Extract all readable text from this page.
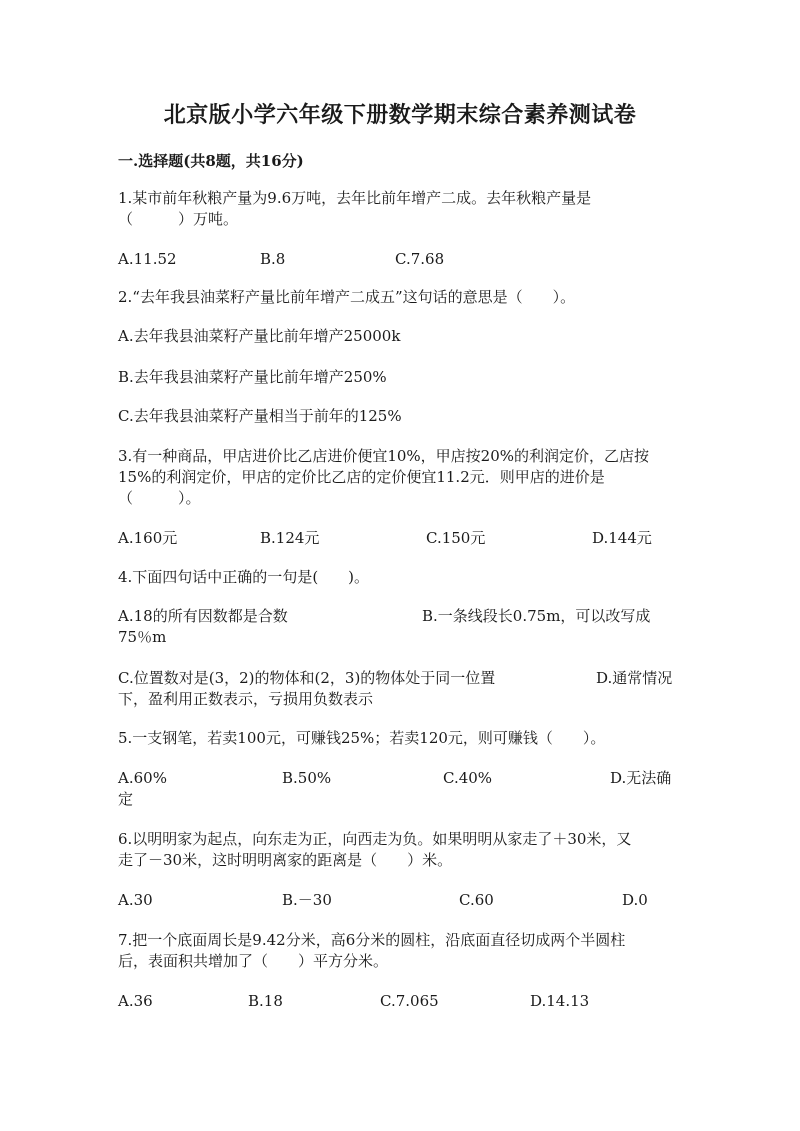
北京版小学六年级下册数学期末综合素养测试卷
一.选择题(共8题，共16分)
1.某市前年秋粮产量为9.6万吨，去年比前年增产二成。去年秋粮产量是
（　　　）万吨。
A.11.52	B.8	C.7.68
2.“去年我县油菜籽产量比前年增产二成五”这句话的意思是（　　）。
A.去年我县油菜籽产量比前年增产25000k
B.去年我县油菜籽产量比前年增产250%
C.去年我县油菜籽产量相当于前年的125%
3.有一种商品，甲店进价比乙店进价便宜10%，甲店按20%的利润定价，乙店按
15%的利润定价，甲店的定价比乙店的定价便宜11.2元．则甲店的进价是
（　　　）。
A.160元	B.124元	C.150元	D.144元
4.下面四句话中正确的一句是(　　)。
A.18的所有因数都是合数	B.一条线段长0.75m，可以改写成
75％m
C.位置数对是(3，2)的物体和(2，3)的物体处于同一位置	D.通常情况
下，盈利用正数表示，亏损用负数表示
5.一支钢笔，若卖100元，可赚钱25%；若卖120元，则可赚钱（　　）。
A.60%	B.50%	C.40%	D.无法确
定
6.以明明家为起点，向东走为正，向西走为负。如果明明从家走了＋30米，又
走了－30米，这时明明离家的距离是（　　）米。
A.30	B.－30	C.60	D.0
7.把一个底面周长是9.42分米，高6分米的圆柱，沿底面直径切成两个半圆柱
后，表面积共增加了（　　）平方分米。
A.36	B.18	C.7.065	D.14.13
